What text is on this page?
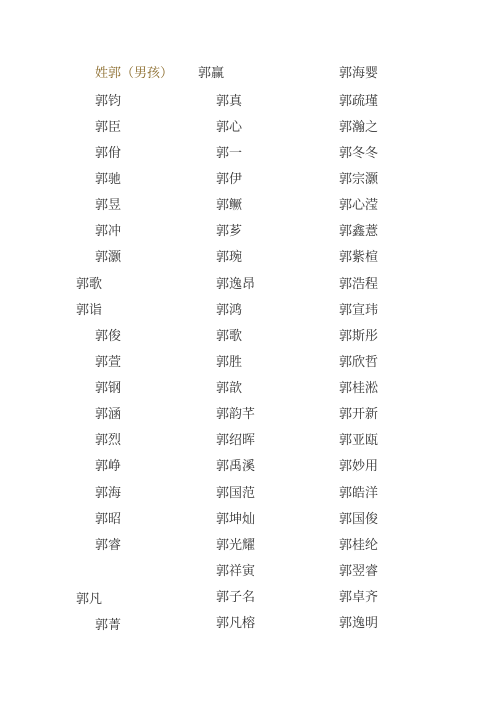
姓郭（男孩）
郭钧
郭臣
郭佾
郭驰
郭昱
郭冲
郭灏
郭歌
郭诣
郭俊
郭萱
郭钢
郭涵
郭烈
郭峥
郭海
郭昭
郭睿
郭凡
郭菁
郭赢
郭真
郭心
郭一
郭伊
郭鳜
郭芗
郭琬
郭逸昂
郭鸿
郭歌
郭胜
郭歆
郭韵芊
郭绍晖
郭禹溪
郭国范
郭坤灿
郭光耀
郭祥寅
郭子名
郭凡榕
郭海婴
郭疏瑾
郭瀚之
郭冬冬
郭宗灏
郭心滢
郭鑫薏
郭紫楦
郭浩程
郭宣玮
郭斯彤
郭欣哲
郭桂淞
郭开新
郭亚瓯
郭妙用
郭皓洋
郭国俊
郭桂纶
郭翌睿
郭卓齐
郭逸明
